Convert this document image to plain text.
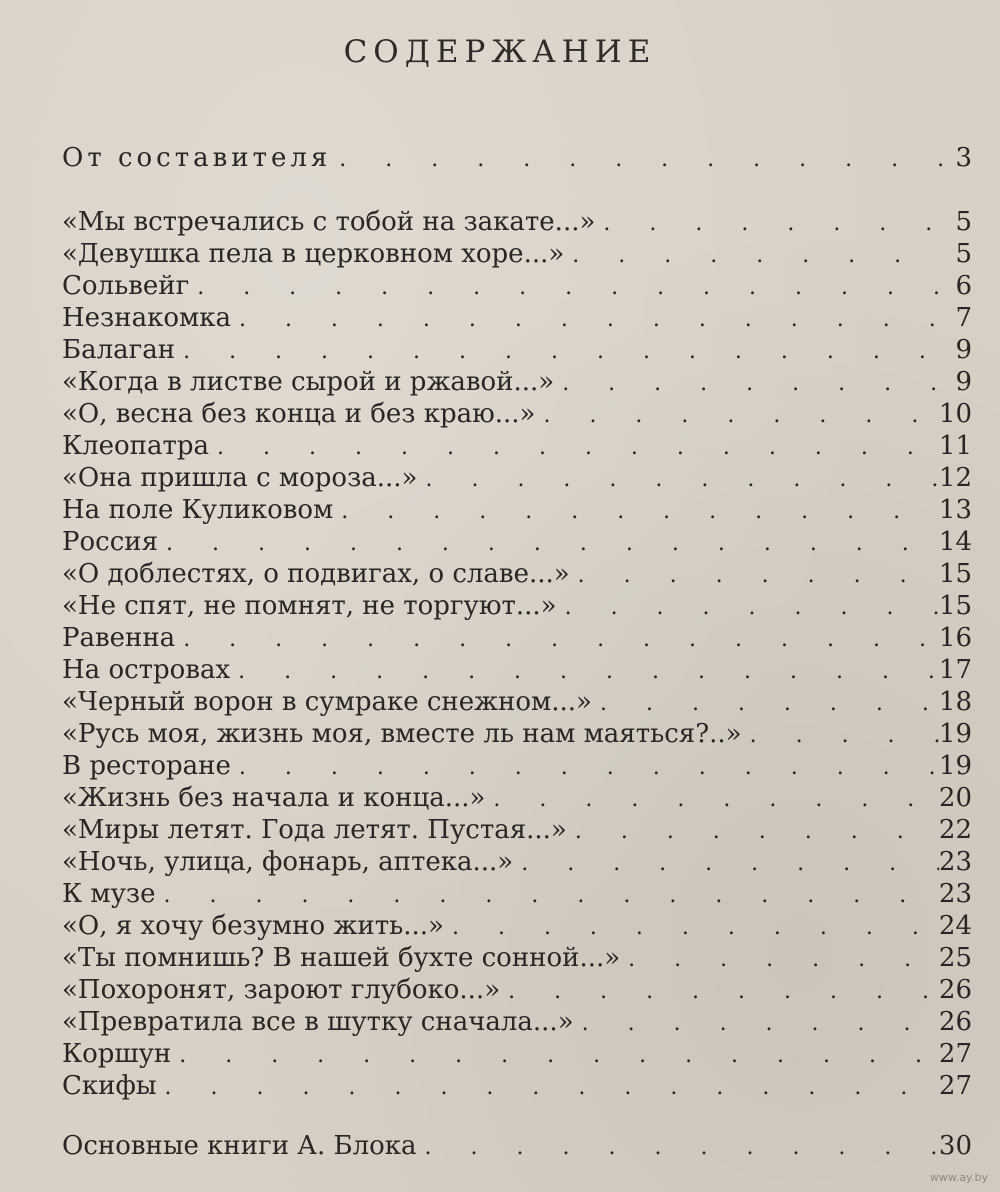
СОДЕРЖАНИЕ
От составителя . . .	3
«Мы встречались с тобой на закате...» . . .	5
«Девушка пела в церковном хоре...» . . .	5
Сольвейг . . .	6
Незнакомка . . .	7
Балаган . . .	9
«Когда в листве сырой и ржавой...» . . .	9
«О, весна без конца и без краю...» . . .	10
Клеопатра . . .	11
«Она пришла с мороза...» . . .	12
На поле Куликовом . . .	13
Россия . . .	14
«О доблестях, о подвигах, о славе...» . . .	15
«Не спят, не помнят, не торгуют...» . . .	15
Равенна . . .	16
На островах . . .	17
«Черный ворон в сумраке снежном...» . . .	18
«Русь моя, жизнь моя, вместе ль нам маяться?..» . . .	19
В ресторане . . .	19
«Жизнь без начала и конца...» . . .	20
«Миры летят. Года летят. Пустая...» . . .	22
«Ночь, улица, фонарь, аптека...» . . .	23
К музе . . .	23
«О, я хочу безумно жить...» . . .	24
«Ты помнишь? В нашей бухте сонной...» . . .	25
«Похоронят, зароют глубоко...» . . .	26
«Превратила все в шутку сначала...» . . .	26
Коршун . . .	27
Скифы . . .	27
Основные книги А. Блока . . .	30
www.ay.by
